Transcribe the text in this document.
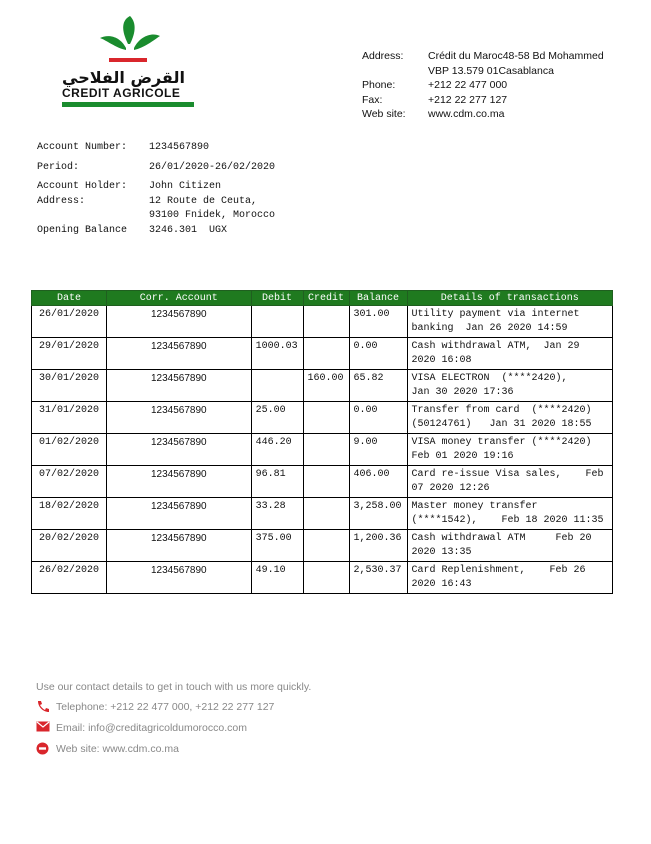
القرض الفلاحي
CREDIT AGRICOLE
Address:	Crédit du Maroc48-58 Bd Mohammed
VBP 13.579 01Casablanca
Phone:	+212 22 477 000
Fax:	+212 22 277 127
Web site:	www.cdm.co.ma
Account Number:	1234567890
Period:	26/01/2020-26/02/2020
Account Holder:	John Citizen
Address:	12 Route de Ceuta,
93100 Fnidek, Morocco
Opening Balance	3246.301 UGX
Date	Corr. Account	Debit	Credit	Balance	Details of transactions
26/01/2020	1234567890			301.00	Utility payment via internet
banking  Jan 26 2020 14:59
29/01/2020	1234567890	1000.03		0.00	Cash withdrawal ATM,  Jan 29
2020 16:08
30/01/2020	1234567890		160.00	65.82	VISA ELECTRON  (****2420),
Jan 30 2020 17:36
31/01/2020	1234567890	25.00		0.00	Transfer from card  (****2420)
(50124761)   Jan 31 2020 18:55
01/02/2020	1234567890	446.20		9.00	VISA money transfer (****2420)
Feb 01 2020 19:16
07/02/2020	1234567890	96.81		406.00	Card re-issue Visa sales,    Feb
07 2020 12:26
18/02/2020	1234567890	33.28		3,258.00	Master money transfer
(****1542),    Feb 18 2020 11:35
20/02/2020	1234567890	375.00		1,200.36	Cash withdrawal ATM     Feb 20
2020 13:35
26/02/2020	1234567890	49.10		2,530.37	Card Replenishment,    Feb 26
2020 16:43
Use our contact details to get in touch with us more quickly.
Telephone: +212 22 477 000, +212 22 277 127
Email: info@creditagricoldumorocco.com
Web site: www.cdm.co.ma
